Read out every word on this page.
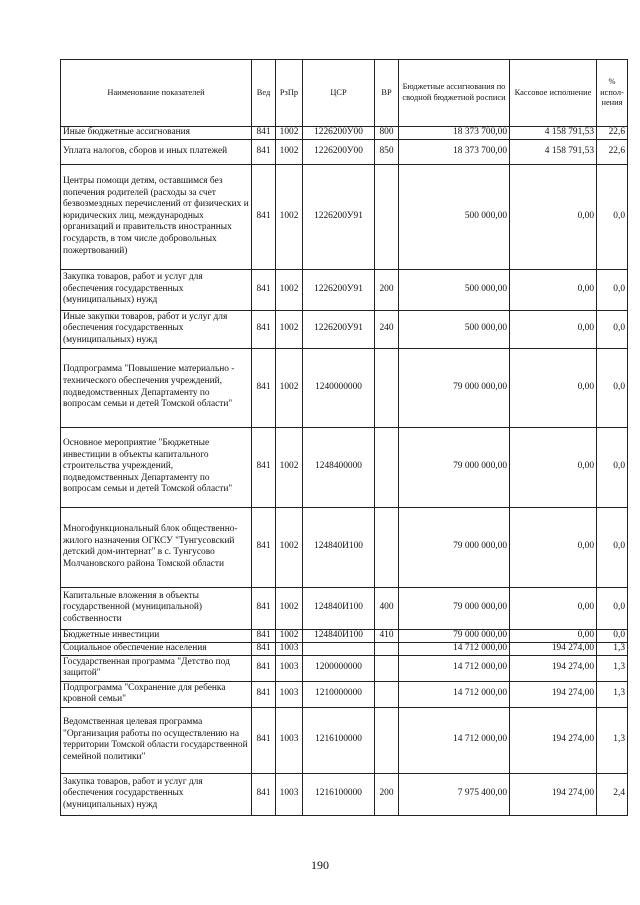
Наименование показателей	Вед	РзПр	ЦСР	ВР	Бюджетные ассигнования по сводной бюджетной росписи	Кассовое исполнение	% испол-нения
Иные бюджетные ассигнования	841	1002	1226200У00	800	18 373 700,00	4 158 791,53	22,6
Уплата налогов, сборов и иных платежей	841	1002	1226200У00	850	18 373 700,00	4 158 791,53	22,6
Центры помощи детям, оставшимся без попечения родителей (расходы за счет безвозмездных перечислений от физических и юридических лиц, международных организаций и правительств иностранных государств, в том числе добровольных пожертвований)	841	1002	1226200У91		500 000,00	0,00	0,0
Закупка товаров, работ и услуг для обеспечения государственных (муниципальных) нужд	841	1002	1226200У91	200	500 000,00	0,00	0,0
Иные закупки товаров, работ и услуг для обеспечения государственных (муниципальных) нужд	841	1002	1226200У91	240	500 000,00	0,00	0,0
Подпрограмма "Повышение материально - технического обеспечения учреждений, подведомственных Департаменту по вопросам семьи и детей Томской области"	841	1002	1240000000		79 000 000,00	0,00	0,0
Основное мероприятие "Бюджетные инвестиции в объекты капитального строительства учреждений, подведомственных Департаменту по вопросам семьи и детей Томской области"	841	1002	1248400000		79 000 000,00	0,00	0,0
Многофункциональный блок общественно-жилого назначения ОГКСУ "Тунгусовский детский дом-интернат" в с. Тунгусово Молчановского района Томской области	841	1002	124840И100		79 000 000,00	0,00	0,0
Капитальные вложения в объекты государственной (муниципальной) собственности	841	1002	124840И100	400	79 000 000,00	0,00	0,0
Бюджетные инвестиции	841	1002	124840И100	410	79 000 000,00	0,00	0,0
Социальное обеспечение населения	841	1003			14 712 000,00	194 274,00	1,3
Государственная программа "Детство под защитой"	841	1003	1200000000		14 712 000,00	194 274,00	1,3
Подпрограмма "Сохранение для ребенка кровной семьи"	841	1003	1210000000		14 712 000,00	194 274,00	1,3
Ведомственная целевая программа "Организация работы по осуществлению на территории Томской области государственной семейной политики"	841	1003	1216100000		14 712 000,00	194 274,00	1,3
Закупка товаров, работ и услуг для обеспечения государственных (муниципальных) нужд	841	1003	1216100000	200	7 975 400,00	194 274,00	2,4
190
